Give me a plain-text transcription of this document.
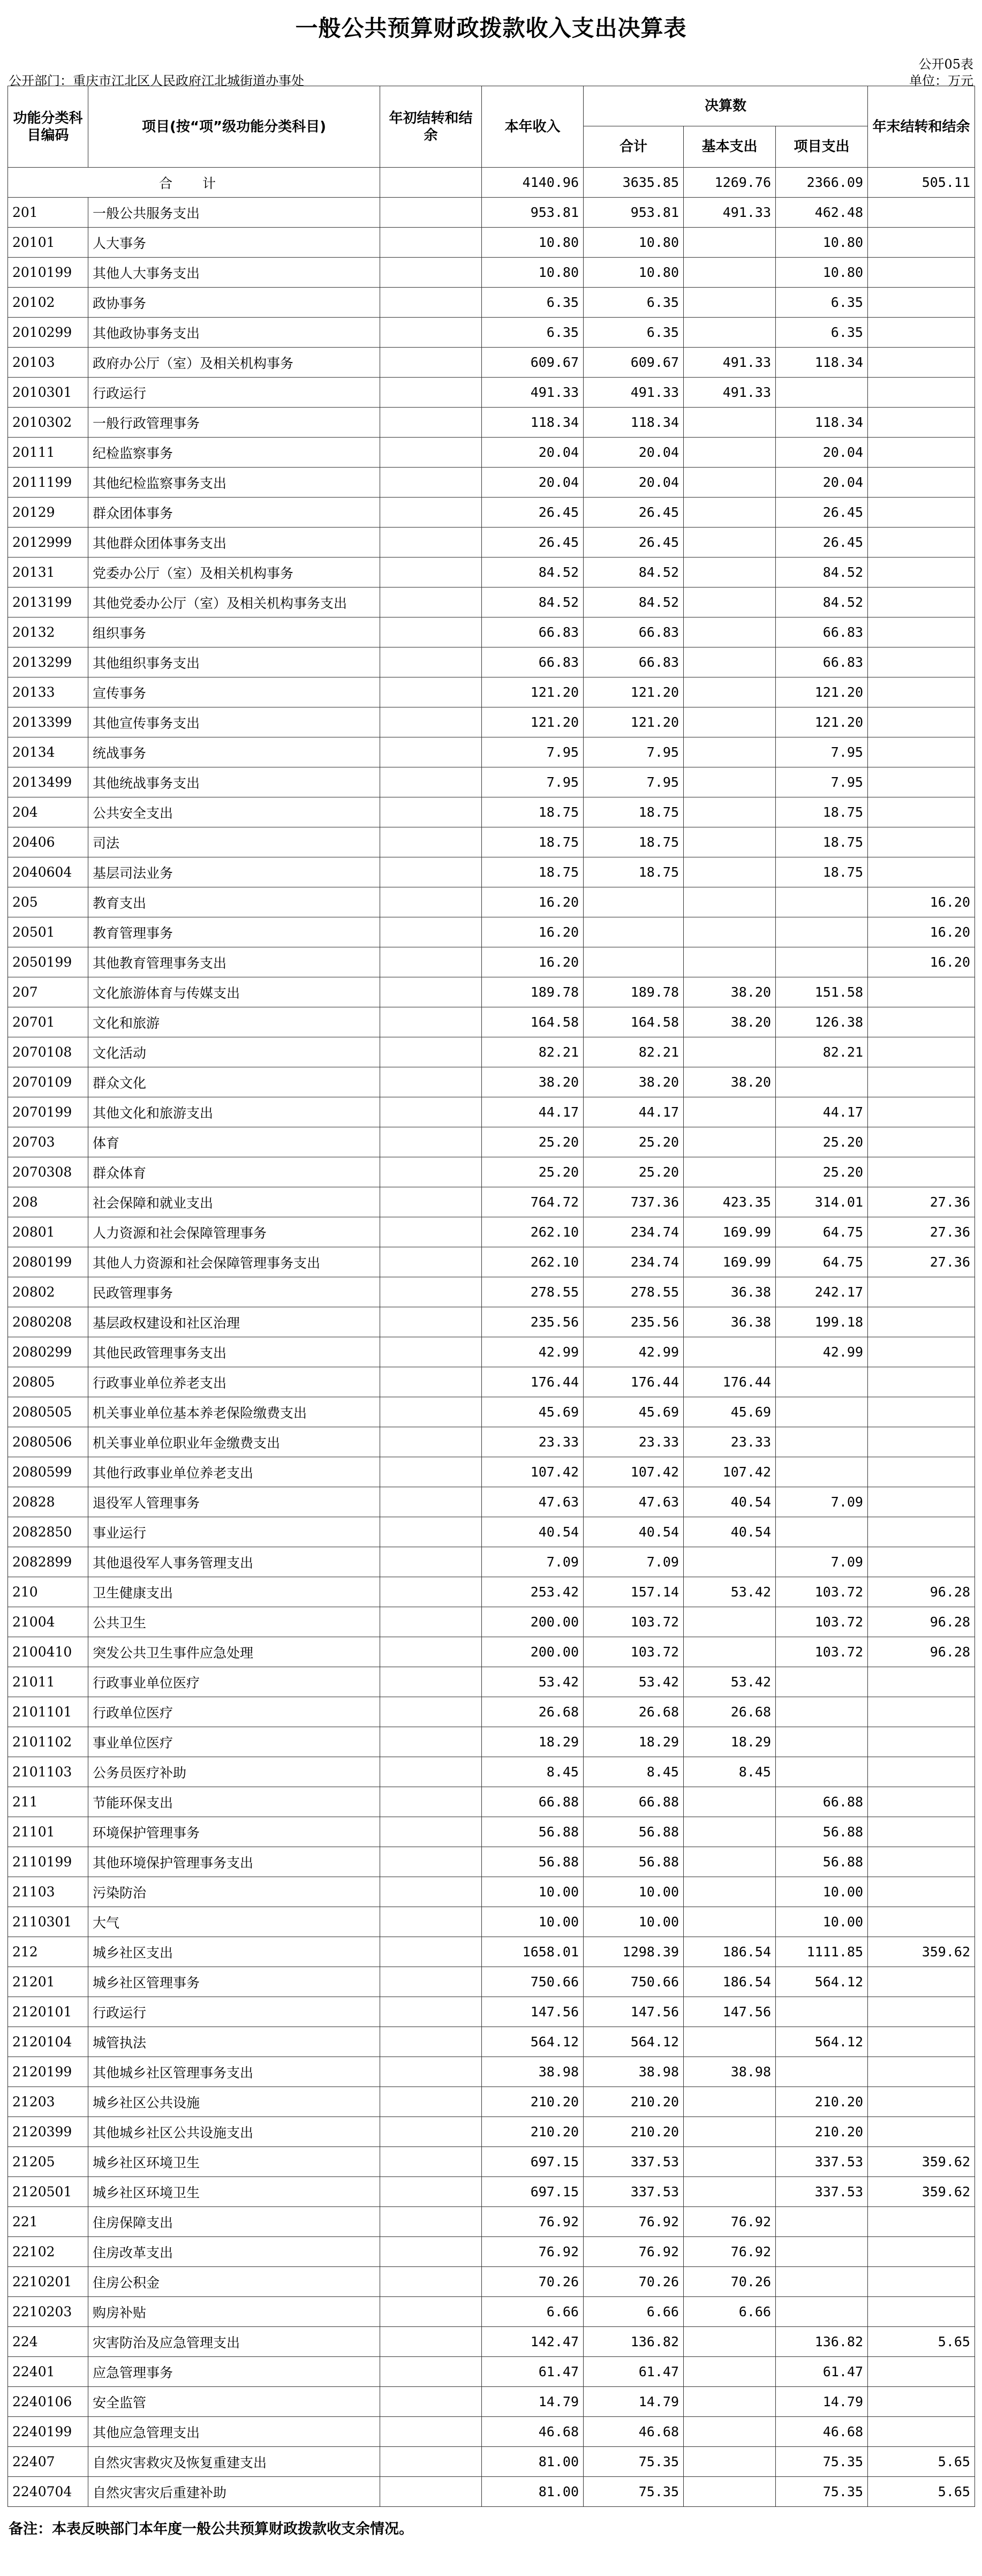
一般公共预算财政拨款收入支出决算表
公开05表
公开部门：重庆市江北区人民政府江北城街道办事处	单位：万元
功能分类科目编码	项目(按“项”级功能分类科目)	年初结转和结余	本年收入	决算数			年末结转和结余
				合计	基本支出	项目支出	
合 计			4140.96	3635.85	1269.76	2366.09	505.11
201	一般公共服务支出		953.81	953.81	491.33	462.48	
20101	人大事务		10.80	10.80		10.80	
2010199	其他人大事务支出		10.80	10.80		10.80	
20102	政协事务		6.35	6.35		6.35	
2010299	其他政协事务支出		6.35	6.35		6.35	
20103	政府办公厅（室）及相关机构事务		609.67	609.67	491.33	118.34	
2010301	行政运行		491.33	491.33	491.33		
2010302	一般行政管理事务		118.34	118.34		118.34	
20111	纪检监察事务		20.04	20.04		20.04	
2011199	其他纪检监察事务支出		20.04	20.04		20.04	
20129	群众团体事务		26.45	26.45		26.45	
2012999	其他群众团体事务支出		26.45	26.45		26.45	
20131	党委办公厅（室）及相关机构事务		84.52	84.52		84.52	
2013199	其他党委办公厅（室）及相关机构事务支出		84.52	84.52		84.52	
20132	组织事务		66.83	66.83		66.83	
2013299	其他组织事务支出		66.83	66.83		66.83	
20133	宣传事务		121.20	121.20		121.20	
2013399	其他宣传事务支出		121.20	121.20		121.20	
20134	统战事务		7.95	7.95		7.95	
2013499	其他统战事务支出		7.95	7.95		7.95	
204	公共安全支出		18.75	18.75		18.75	
20406	司法		18.75	18.75		18.75	
2040604	基层司法业务		18.75	18.75		18.75	
205	教育支出		16.20				16.20
20501	教育管理事务		16.20				16.20
2050199	其他教育管理事务支出		16.20				16.20
207	文化旅游体育与传媒支出		189.78	189.78	38.20	151.58	
20701	文化和旅游		164.58	164.58	38.20	126.38	
2070108	文化活动		82.21	82.21		82.21	
2070109	群众文化		38.20	38.20	38.20		
2070199	其他文化和旅游支出		44.17	44.17		44.17	
20703	体育		25.20	25.20		25.20	
2070308	群众体育		25.20	25.20		25.20	
208	社会保障和就业支出		764.72	737.36	423.35	314.01	27.36
20801	人力资源和社会保障管理事务		262.10	234.74	169.99	64.75	27.36
2080199	其他人力资源和社会保障管理事务支出		262.10	234.74	169.99	64.75	27.36
20802	民政管理事务		278.55	278.55	36.38	242.17	
2080208	基层政权建设和社区治理		235.56	235.56	36.38	199.18	
2080299	其他民政管理事务支出		42.99	42.99		42.99	
20805	行政事业单位养老支出		176.44	176.44	176.44		
2080505	机关事业单位基本养老保险缴费支出		45.69	45.69	45.69		
2080506	机关事业单位职业年金缴费支出		23.33	23.33	23.33		
2080599	其他行政事业单位养老支出		107.42	107.42	107.42		
20828	退役军人管理事务		47.63	47.63	40.54	7.09	
2082850	事业运行		40.54	40.54	40.54		
2082899	其他退役军人事务管理支出		7.09	7.09		7.09	
210	卫生健康支出		253.42	157.14	53.42	103.72	96.28
21004	公共卫生		200.00	103.72		103.72	96.28
2100410	突发公共卫生事件应急处理		200.00	103.72		103.72	96.28
21011	行政事业单位医疗		53.42	53.42	53.42		
2101101	行政单位医疗		26.68	26.68	26.68		
2101102	事业单位医疗		18.29	18.29	18.29		
2101103	公务员医疗补助		8.45	8.45	8.45		
211	节能环保支出		66.88	66.88		66.88	
21101	环境保护管理事务		56.88	56.88		56.88	
2110199	其他环境保护管理事务支出		56.88	56.88		56.88	
21103	污染防治		10.00	10.00		10.00	
2110301	大气		10.00	10.00		10.00	
212	城乡社区支出		1658.01	1298.39	186.54	1111.85	359.62
21201	城乡社区管理事务		750.66	750.66	186.54	564.12	
2120101	行政运行		147.56	147.56	147.56		
2120104	城管执法		564.12	564.12		564.12	
2120199	其他城乡社区管理事务支出		38.98	38.98	38.98		
21203	城乡社区公共设施		210.20	210.20		210.20	
2120399	其他城乡社区公共设施支出		210.20	210.20		210.20	
21205	城乡社区环境卫生		697.15	337.53		337.53	359.62
2120501	城乡社区环境卫生		697.15	337.53		337.53	359.62
221	住房保障支出		76.92	76.92	76.92		
22102	住房改革支出		76.92	76.92	76.92		
2210201	住房公积金		70.26	70.26	70.26		
2210203	购房补贴		6.66	6.66	6.66		
224	灾害防治及应急管理支出		142.47	136.82		136.82	5.65
22401	应急管理事务		61.47	61.47		61.47	
2240106	安全监管		14.79	14.79		14.79	
2240199	其他应急管理支出		46.68	46.68		46.68	
22407	自然灾害救灾及恢复重建支出		81.00	75.35		75.35	5.65
2240704	自然灾害灾后重建补助		81.00	75.35		75.35	5.65
备注：本表反映部门本年度一般公共预算财政拨款收支余情况。
